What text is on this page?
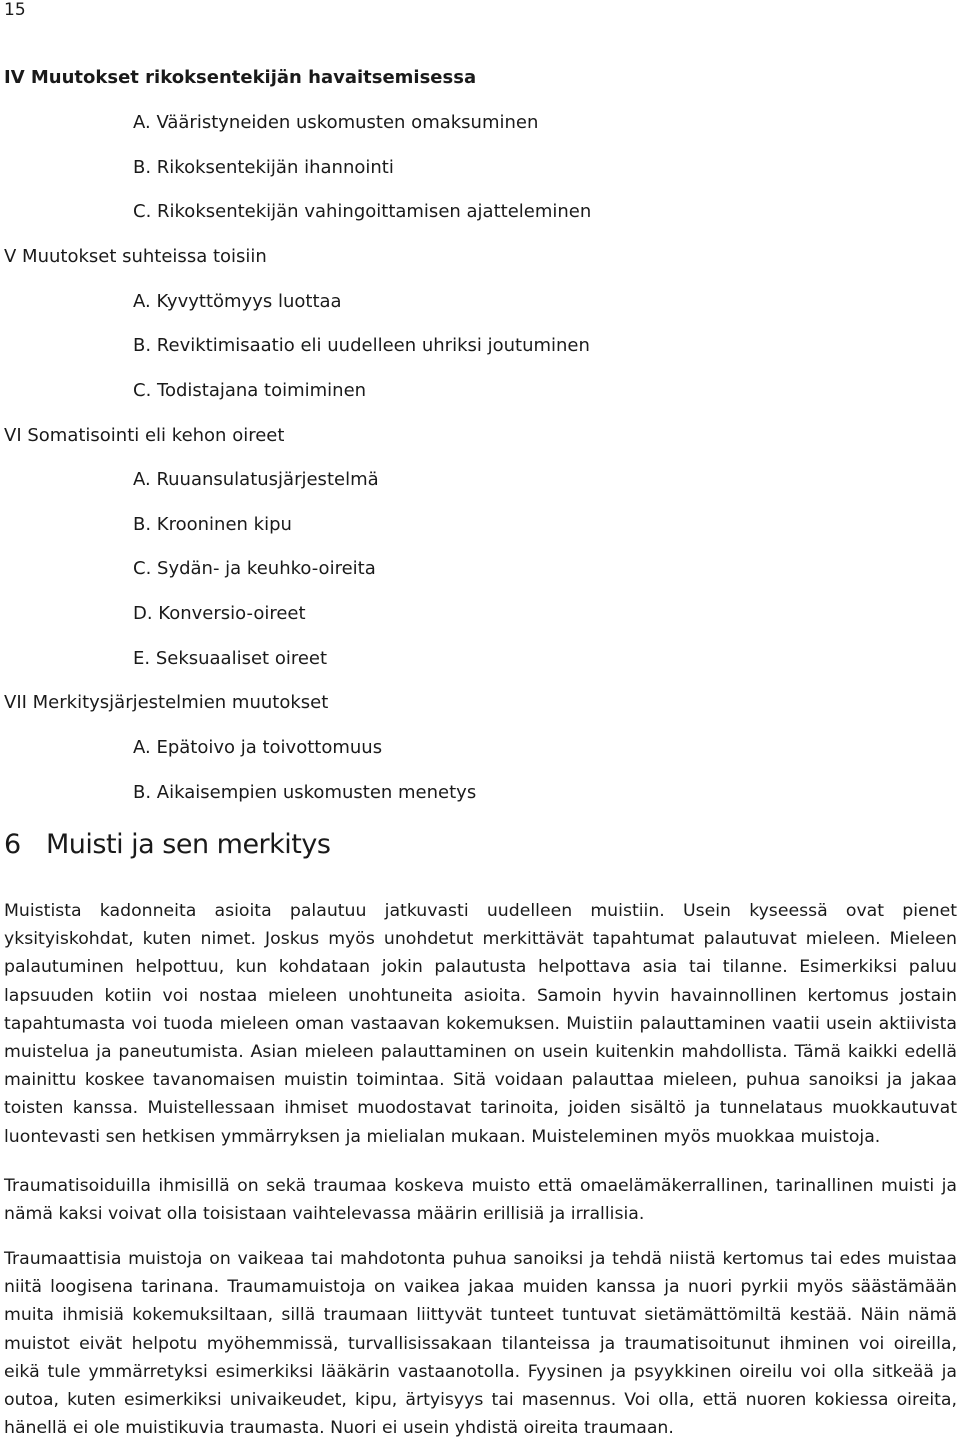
15
IV Muutokset rikoksentekijän havaitsemisessa
A. Vääristyneiden uskomusten omaksuminen
B. Rikoksentekijän ihannointi
C. Rikoksentekijän vahingoittamisen ajatteleminen
V Muutokset suhteissa toisiin
A. Kyvyttömyys luottaa
B. Reviktimisaatio eli uudelleen uhriksi joutuminen
C. Todistajana toimiminen
VI Somatisointi eli kehon oireet
A. Ruuansulatusjärjestelmä
B. Krooninen kipu
C. Sydän- ja keuhko-oireita
D. Konversio-oireet
E. Seksuaaliset oireet
VII Merkitysjärjestelmien muutokset
A. Epätoivo ja toivottomuus
B. Aikaisempien uskomusten menetys
6 Muisti ja sen merkitys

Muistista kadonneita asioita palautuu jatkuvasti uudelleen muistiin. Usein kyseessä ovat pienet yksityiskohdat, kuten nimet. Joskus myös unohdetut merkittävät tapahtumat palautuvat mieleen. Mieleen palautuminen helpottuu, kun kohdataan jokin palautusta helpottava asia tai tilanne. Esimerkiksi paluu lapsuuden kotiin voi nostaa mieleen unohtuneita asioita. Samoin hyvin havainnollinen kertomus jostain tapahtumasta voi tuoda mieleen oman vastaavan kokemuksen. Muistiin palauttaminen vaatii usein aktiivista muistelua ja paneutumista. Asian mieleen palauttaminen on usein kuitenkin mahdollista. Tämä kaikki edellä mainittu koskee tavanomaisen muistin toimintaa. Sitä voidaan palauttaa mieleen, puhua sanoiksi ja jakaa toisten kanssa. Muistellessaan ihmiset muodostavat tarinoita, joiden sisältö ja tunnelataus muokkautuvat luontevasti sen hetkisen ymmärryksen ja mielialan mukaan. Muisteleminen myös muokkaa muistoja.

Traumatisoiduilla ihmisillä on sekä traumaa koskeva muisto että omaelämäkerrallinen, tarinallinen muisti ja nämä kaksi voivat olla toisistaan vaihtelevassa määrin erillisiä ja irrallisia.

Traumaattisia muistoja on vaikeaa tai mahdotonta puhua sanoiksi ja tehdä niistä kertomus tai edes muistaa niitä loogisena tarinana. Traumamuistoja on vaikea jakaa muiden kanssa ja nuori pyrkii myös säästämään muita ihmisiä kokemuksiltaan, sillä traumaan liittyvät tunteet tuntuvat sietämättömiltä kestää. Näin nämä muistot eivät helpotu myöhemmissä, turvallisissakaan tilanteissa ja traumatisoitunut ihminen voi oireilla, eikä tule ymmärretyksi esimerkiksi lääkärin vastaanotolla. Fyysinen ja psyykkinen oireilu voi olla sitkeää ja outoa, kuten esimerkiksi univaikeudet, kipu, ärtyisyys tai masennus. Voi olla, että nuoren kokiessa oireita, hänellä ei ole muistikuvia traumasta. Nuori ei usein yhdistä oireita traumaan.
